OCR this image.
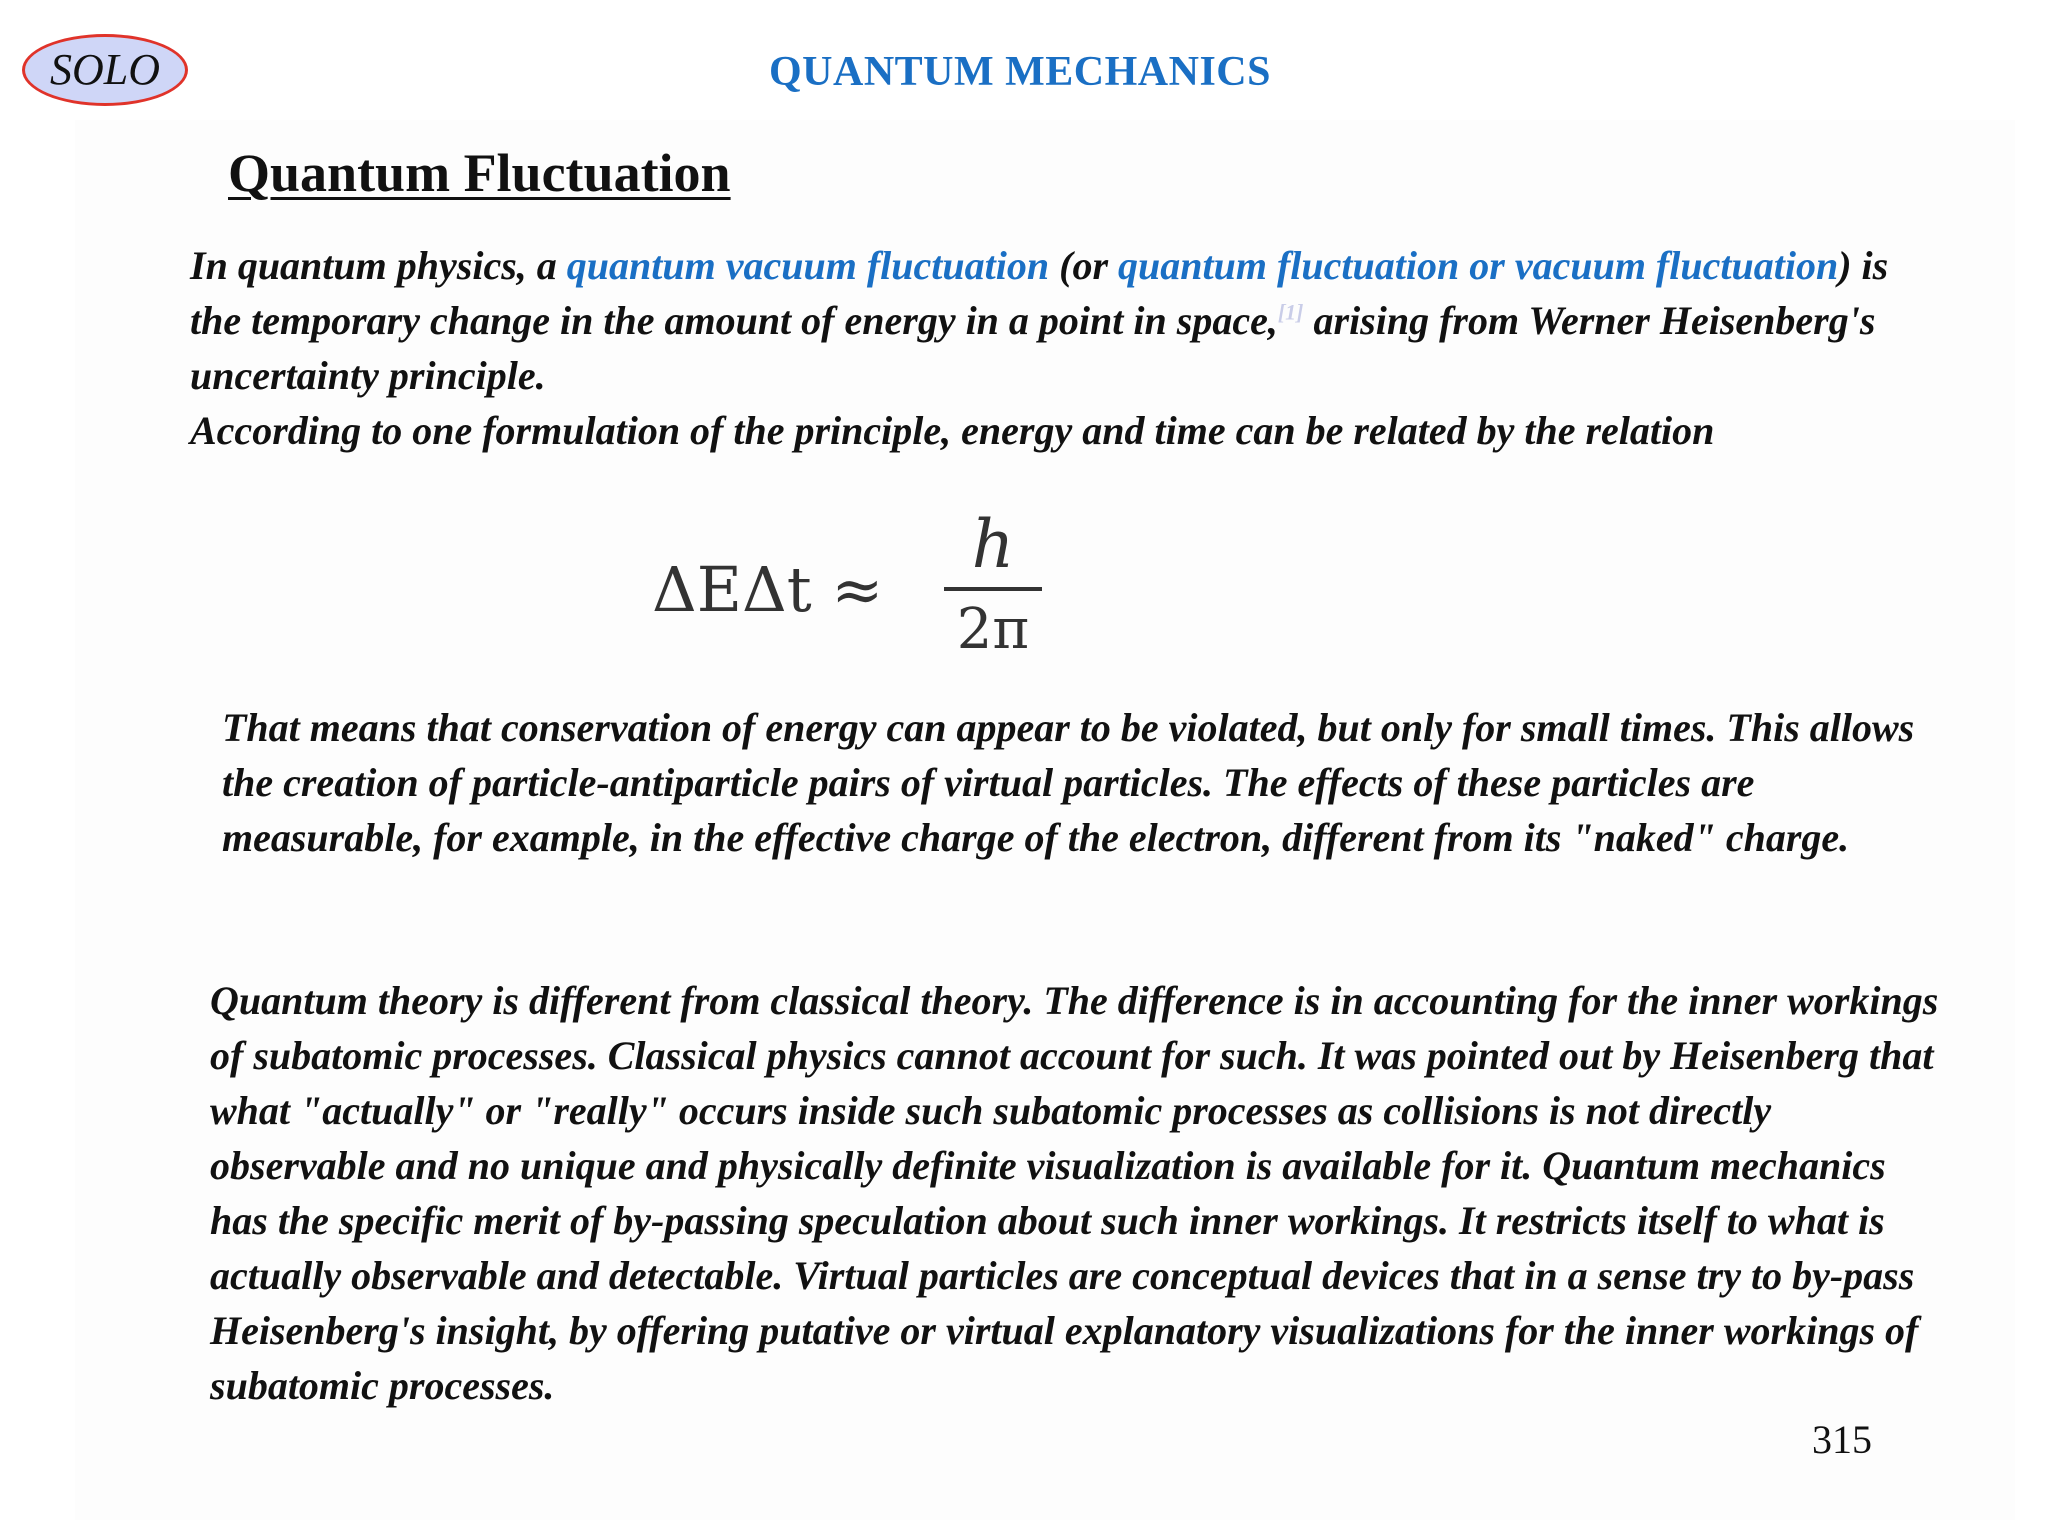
SOLO	QUANTUM MECHANICS
Quantum Fluctuation

In quantum physics, a quantum vacuum fluctuation (or quantum fluctuation or vacuum fluctuation) is the temporary change in the amount of energy in a point in space,[1] arising from Werner Heisenberg's uncertainty principle.
According to one formulation of the principle, energy and time can be related by the relation

ΔEΔt ≈
h
2π

That means that conservation of energy can appear to be violated, but only for small times. This allows the creation of particle-antiparticle pairs of virtual particles. The effects of these particles are measurable, for example, in the effective charge of the electron, different from its "naked" charge.

Quantum theory is different from classical theory. The difference is in accounting for the inner workings of subatomic processes. Classical physics cannot account for such. It was pointed out by Heisenberg that what "actually" or "really" occurs inside such subatomic processes as collisions is not directly observable and no unique and physically definite visualization is available for it. Quantum mechanics has the specific merit of by-passing speculation about such inner workings. It restricts itself to what is actually observable and detectable. Virtual particles are conceptual devices that in a sense try to by-pass Heisenberg's insight, by offering putative or virtual explanatory visualizations for the inner workings of subatomic processes.

315
